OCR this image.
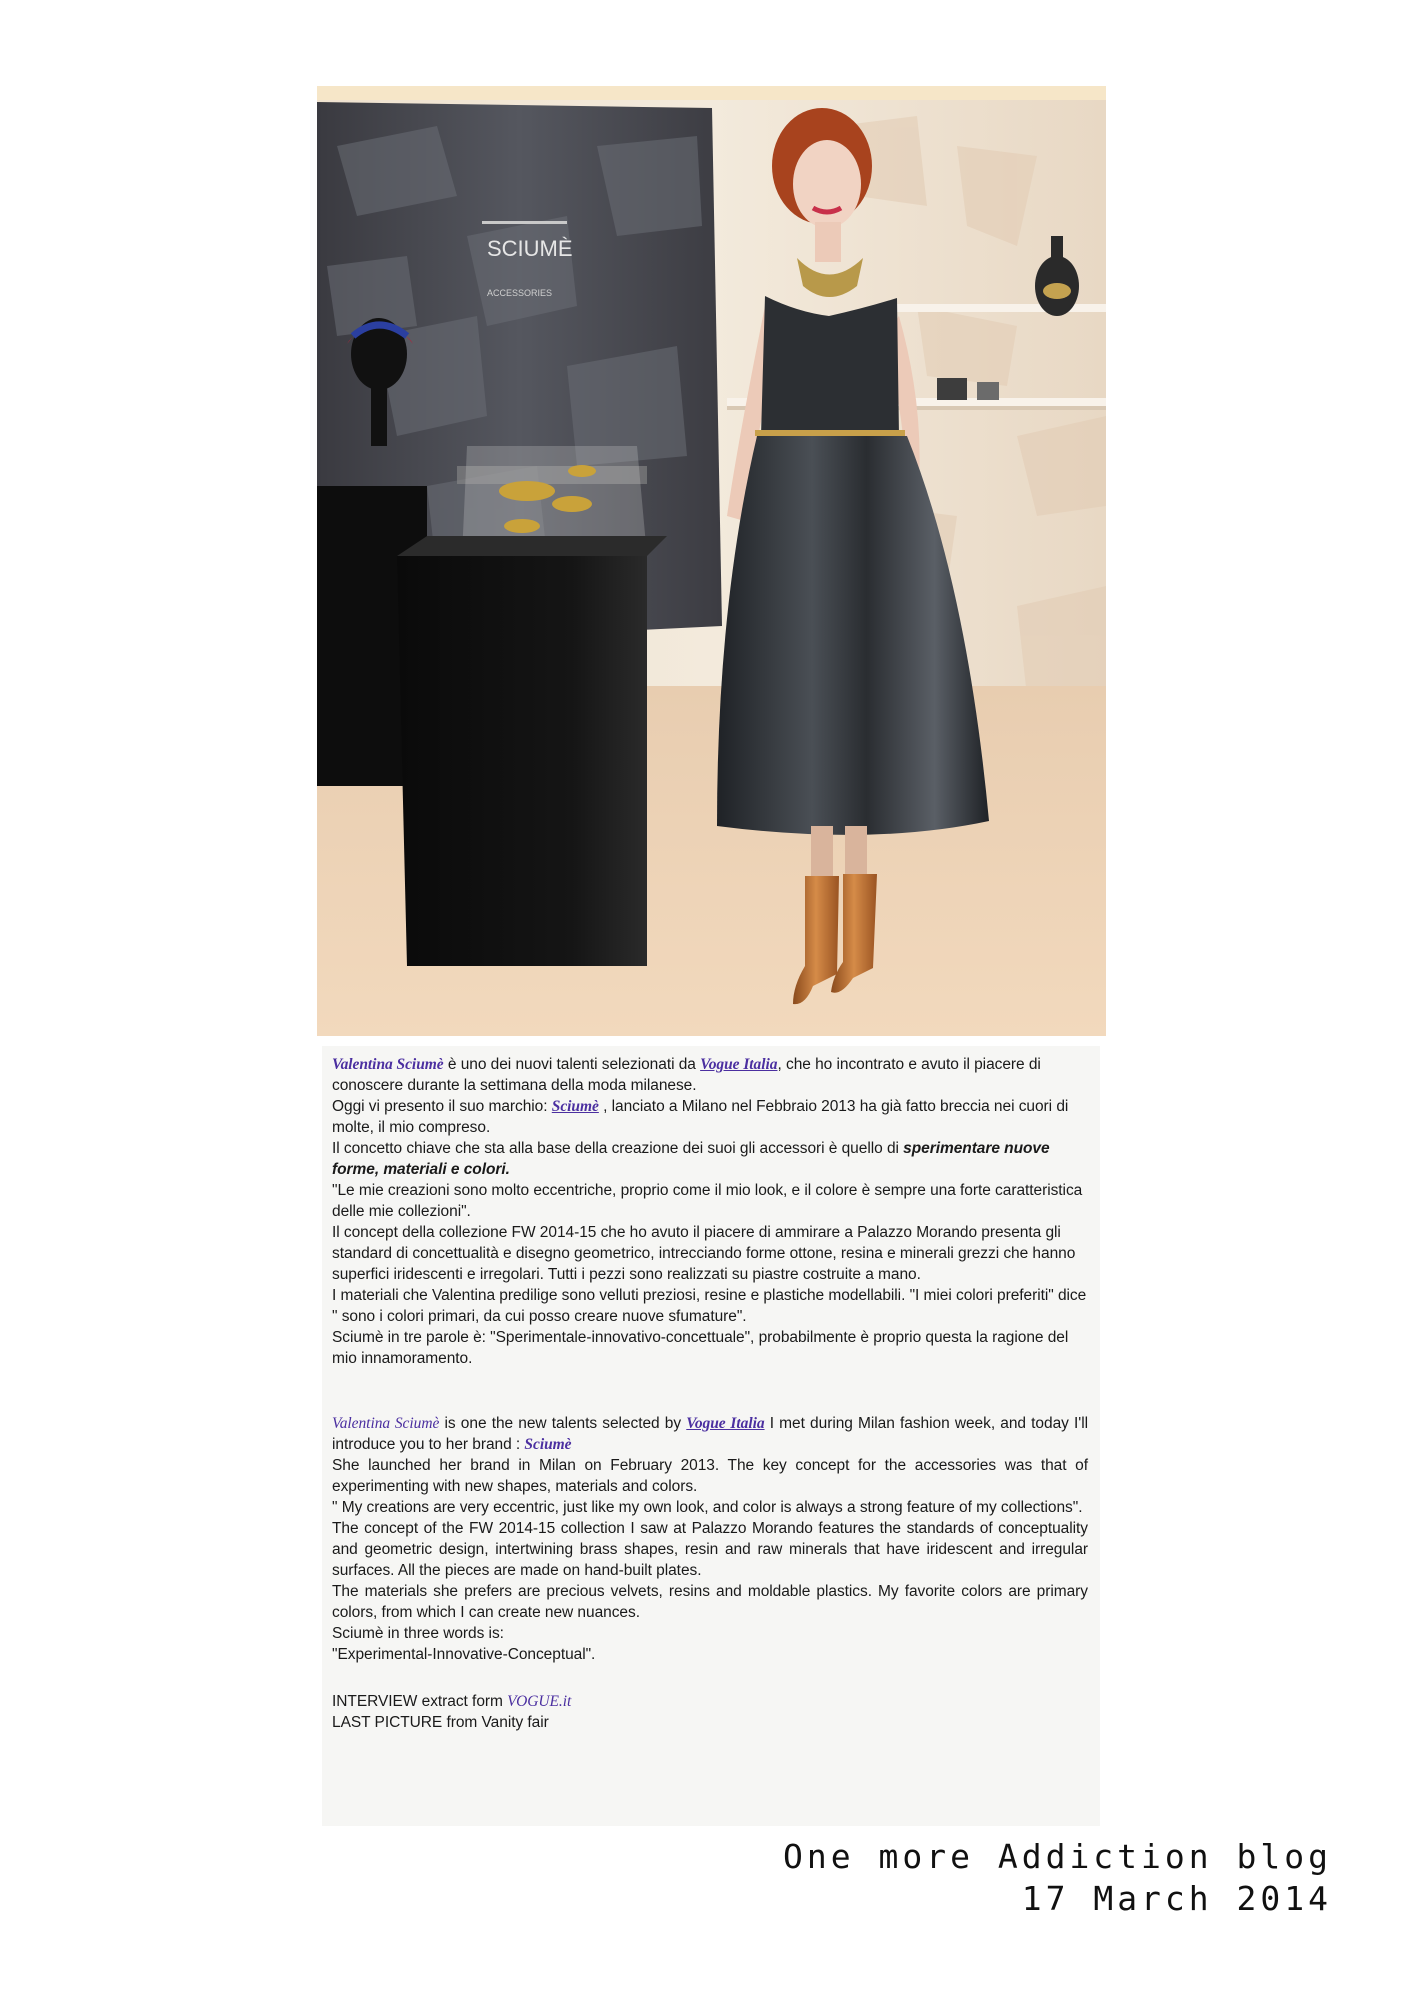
SCIUMÈ
ACCESSORIES

Valentina Sciumè è uno dei nuovi talenti selezionati da Vogue Italia, che ho incontrato e avuto il piacere di conoscere durante la settimana della moda milanese.

Oggi vi presento il suo marchio: Sciumè , lanciato a Milano nel Febbraio 2013 ha già fatto breccia nei cuori di molte, il mio compreso.

Il concetto chiave che sta alla base della creazione dei suoi gli accessori è quello di sperimentare nuove forme, materiali e colori.

"Le mie creazioni sono molto eccentriche, proprio come il mio look, e il colore è sempre una forte caratteristica delle mie collezioni".

Il concept della collezione FW 2014-15 che ho avuto il piacere di ammirare a Palazzo Morando presenta gli standard di concettualità e disegno geometrico, intrecciando forme ottone, resina e minerali grezzi che hanno superfici iridescenti e irregolari. Tutti i pezzi sono realizzati su piastre costruite a mano.

I materiali che Valentina predilige sono velluti preziosi, resine e plastiche modellabili. "I miei colori preferiti" dice " sono i colori primari, da cui posso creare nuove sfumature".

Sciumè in tre parole è: "Sperimentale-innovativo-concettuale", probabilmente è proprio questa la ragione del mio innamoramento.

Valentina Sciumè is one the new talents selected by Vogue Italia I met during Milan fashion week, and today I'll introduce you to her brand : Sciumè

She launched her brand in Milan on February 2013. The key concept for the accessories was that of experimenting with new shapes, materials and colors.

" My creations are very eccentric, just like my own look, and color is always a strong feature of my collections".

The concept of the FW 2014-15 collection I saw at Palazzo Morando features the standards of conceptuality and geometric design, intertwining brass shapes, resin and raw minerals that have iridescent and irregular surfaces. All the pieces are made on hand-built plates.

The materials she prefers are precious velvets, resins and moldable plastics. My favorite colors are primary colors, from which I can create new nuances.

Sciumè in three words is:

"Experimental-Innovative-Conceptual".

INTERVIEW extract form VOGUE.it

LAST PICTURE from Vanity fair

One more Addiction blog
17 March 2014
